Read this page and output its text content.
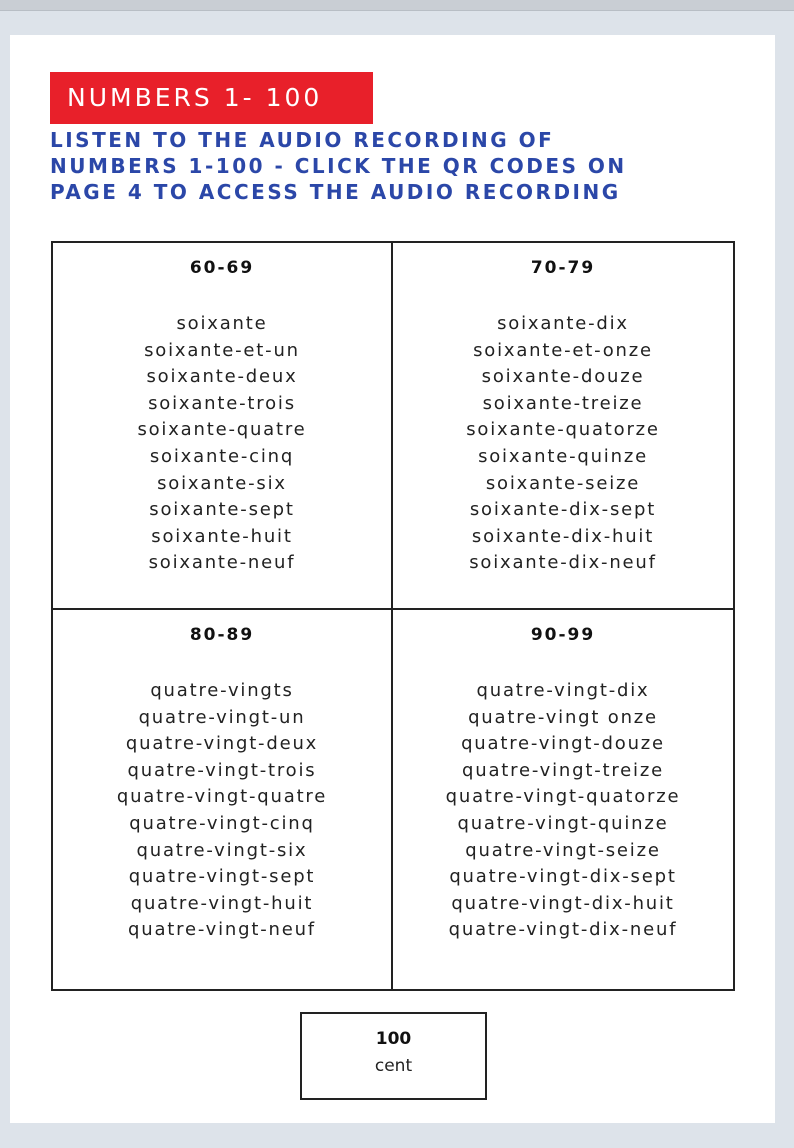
NUMBERS 1- 100
LISTEN TO THE AUDIO RECORDING OF
NUMBERS 1-100 - CLICK THE QR CODES ON
PAGE 4 TO ACCESS THE AUDIO RECORDING
60-69
soixante
soixante-et-un
soixante-deux
soixante-trois
soixante-quatre
soixante-cinq
soixante-six
soixante-sept
soixante-huit
soixante-neuf
70-79
soixante-dix
soixante-et-onze
soixante-douze
soixante-treize
soixante-quatorze
soixante-quinze
soixante-seize
soixante-dix-sept
soixante-dix-huit
soixante-dix-neuf
80-89
quatre-vingts
quatre-vingt-un
quatre-vingt-deux
quatre-vingt-trois
quatre-vingt-quatre
quatre-vingt-cinq
quatre-vingt-six
quatre-vingt-sept
quatre-vingt-huit
quatre-vingt-neuf
90-99
quatre-vingt-dix
quatre-vingt onze
quatre-vingt-douze
quatre-vingt-treize
quatre-vingt-quatorze
quatre-vingt-quinze
quatre-vingt-seize
quatre-vingt-dix-sept
quatre-vingt-dix-huit
quatre-vingt-dix-neuf
100
cent
